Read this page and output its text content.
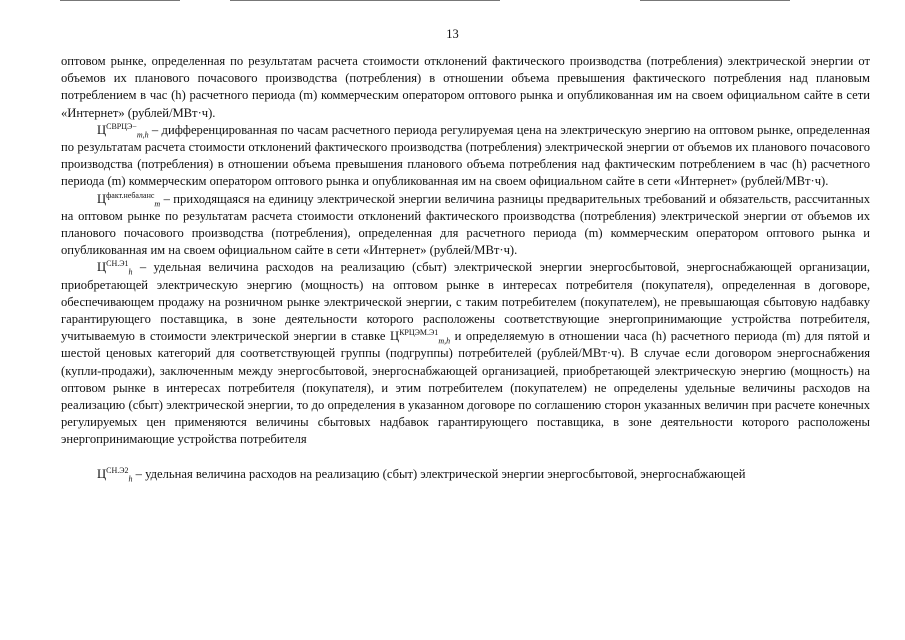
13

оптовом рынке, определенная по результатам расчета стоимости отклонений фактического производства (потребления) электрической энергии от объемов их планового почасового производства (потребления) в отношении объема превышения фактического потребления над плановым потреблением в час (h) расчетного периода (m) коммерческим оператором оптового рынка и опубликованная им на своем официальном сайте в сети «Интернет» (рублей/МВт·ч).

$Ц^{СВРЦЭ-}_{m,h}$ – дифференцированная по часам расчетного периода регулируемая цена на электрическую энергию на оптовом рынке, определенная по результатам расчета стоимости отклонений фактического производства (потребления) электрической энергии от объемов их планового почасового производства (потребления) в отношении объема превышения планового объема потребления над фактическим потреблением в час (h) расчетного периода (m) коммерческим оператором оптового рынка и опубликованная им на своем официальном сайте в сети «Интернет» (рублей/МВт·ч).

$Ц^{факт.небаланс}_m$ – приходящаяся на единицу электрической энергии величина разницы предварительных требований и обязательств, рассчитанных на оптовом рынке по результатам расчета стоимости отклонений фактического производства (потребления) электрической энергии от объемов их планового почасового производства (потребления), определенная для расчетного периода (m) коммерческим оператором оптового рынка и опубликованная им на своем официальном сайте в сети «Интернет» (рублей/МВт·ч).

$Ц^{СН.Э1}_h$ – удельная величина расходов на реализацию (сбыт) электрической энергии энергосбытовой, энергоснабжающей организации, приобретающей электрическую энергию (мощность) на оптовом рынке в интересах потребителя (покупателя), определенная в договоре, обеспечивающем продажу на розничном рынке электрической энергии, с таким потребителем (покупателем), не превышающая сбытовую надбавку гарантирующего поставщика, в зоне деятельности которого расположены соответствующие энергопринимающие устройства потребителя, учитываемую в стоимости электрической энергии в ставке $Ц^{КРЦЭМ.Э1}_{m,h}$ и определяемую в отношении часа (h) расчетного периода (m) для пятой и шестой ценовых категорий для соответствующей группы (подгруппы) потребителей (рублей/МВт·ч). В случае если договором энергоснабжения (купли-продажи), заключенным между энергосбытовой, энергоснабжающей организацией, приобретающей электрическую энергию (мощность) на оптовом рынке в интересах потребителя (покупателя), и этим потребителем (покупателем) не определены удельные величины расходов на реализацию (сбыт) электрической энергии, то до определения в указанном договоре по соглашению сторон указанных величин при расчете конечных регулируемых цен применяются величины сбытовых надбавок гарантирующего поставщика, в зоне деятельности которого расположены энергопринимающие устройства потребителя

$Ц^{СН.Э2}_h$ – удельная величина расходов на реализацию (сбыт) электрической энергии энергосбытовой, энергоснабжающей
